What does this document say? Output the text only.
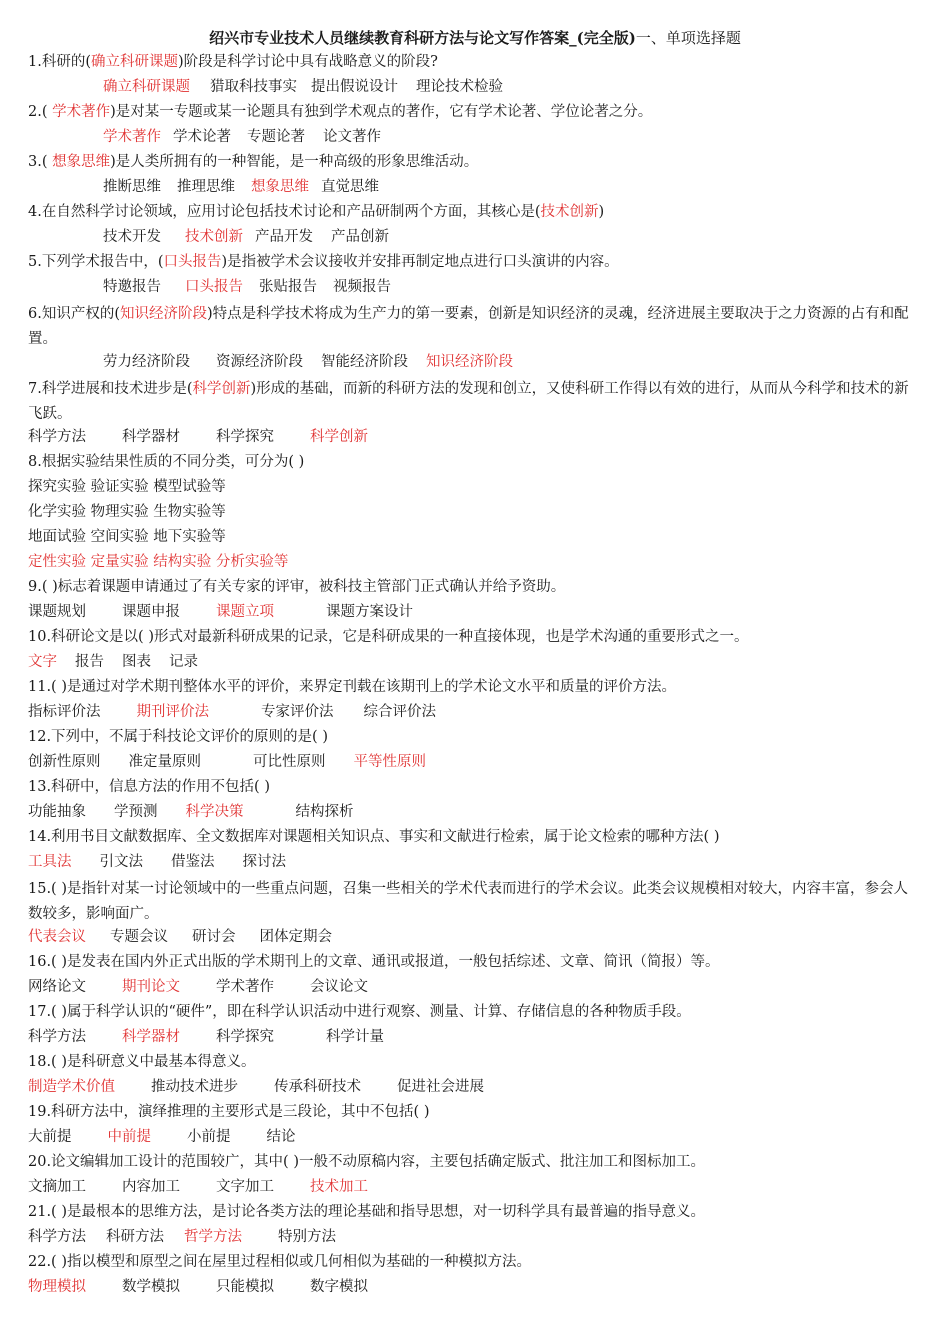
绍兴市专业技术人员继续教育科研方法与论文写作答案_(完全版)一、单项选择题
1.科研的(确立科研课题)阶段是科学讨论中具有战略意义的阶段?
确立科研课题 猎取科技事实 提出假说设计 理论技术检验
2.( 学术著作)是对某一专题或某一论题具有独到学术观点的著作，它有学术论著、学位论著之分。
学术著作 学术论著 专题论著 论文著作
3.( 想象思维)是人类所拥有的一种智能，是一种高级的形象思维活动。
推断思维 推理思维 想象思维 直觉思维
4.在自然科学讨论领域，应用讨论包括技术讨论和产品研制两个方面，其核心是(技术创新)
技术开发 技术创新 产品开发 产品创新
5.下列学术报告中，(口头报告)是指被学术会议接收并安排再制定地点进行口头演讲的内容。
特邀报告 口头报告 张贴报告 视频报告
6.知识产权的(知识经济阶段)特点是科学技术将成为生产力的第一要素，创新是知识经济的灵魂，经济进展主要取决于之力资源的占有和配置。
劳力经济阶段 资源经济阶段 智能经济阶段 知识经济阶段
7.科学进展和技术进步是(科学创新)形成的基础，而新的科研方法的发现和创立，又使科研工作得以有效的进行，从而从今科学和技术的新飞跃。
科学方法 科学器材 科学探究 科学创新
8.根据实验结果性质的不同分类，可分为( )
探究实验 验证实验 模型试验等
化学实验 物理实验 生物实验等
地面试验 空间实验 地下实验等
定性实验 定量实验 结构实验 分析实验等
9.( )标志着课题申请通过了有关专家的评审，被科技主管部门正式确认并给予资助。
课题规划 课题申报 课题立项	课题方案设计
10.科研论文是以( )形式对最新科研成果的记录，它是科研成果的一种直接体现，也是学术沟通的重要形式之一。
文字 报告 图表 记录
11.( )是通过对学术期刊整体水平的评价，来界定刊载在该期刊上的学术论文水平和质量的评价方法。
指标评价法 期刊评价法	专家评价法 综合评价法
12.下列中，不属于科技论文评价的原则的是( )
创新性原则 准定量原则	可比性原则 平等性原则
13.科研中，信息方法的作用不包括( )
功能抽象 学预测 科学决策	结构探析
14.利用书目文献数据库、全文数据库对课题相关知识点、事实和文献进行检索，属于论文检索的哪种方法( )
工具法 引文法 借鉴法 探讨法
15.( )是指针对某一讨论领域中的一些重点问题，召集一些相关的学术代表而进行的学术会议。此类会议规模相对较大，内容丰富，参会人数较多，影响面广。
代表会议 专题会议 研讨会 团体定期会
16.( )是发表在国内外正式出版的学术期刊上的文章、通讯或报道，一般包括综述、文章、简讯（简报）等。
网络论文 期刊论文 学术著作 会议论文
17.( )属于科学认识的“硬件”，即在科学认识活动中进行观察、测量、计算、存储信息的各种物质手段。
科学方法 科学器材 科学探究	科学计量
18.( )是科研意义中最基本得意义。
制造学术价值 推动技术进步 传承科研技术 促进社会进展
19.科研方法中，演绎推理的主要形式是三段论，其中不包括( )
大前提 中前提 小前提 结论
20.论文编辑加工设计的范围较广，其中( )一般不动原稿内容，主要包括确定版式、批注加工和图标加工。
文摘加工 内容加工 文字加工 技术加工
21.( )是最根本的思维方法，是讨论各类方法的理论基础和指导思想，对一切科学具有最普遍的指导意义。
科学方法 科研方法 哲学方法 特别方法
22.( )指以模型和原型之间在屋里过程相似或几何相似为基础的一种模拟方法。
物理模拟 数学模拟 只能模拟 数字模拟
